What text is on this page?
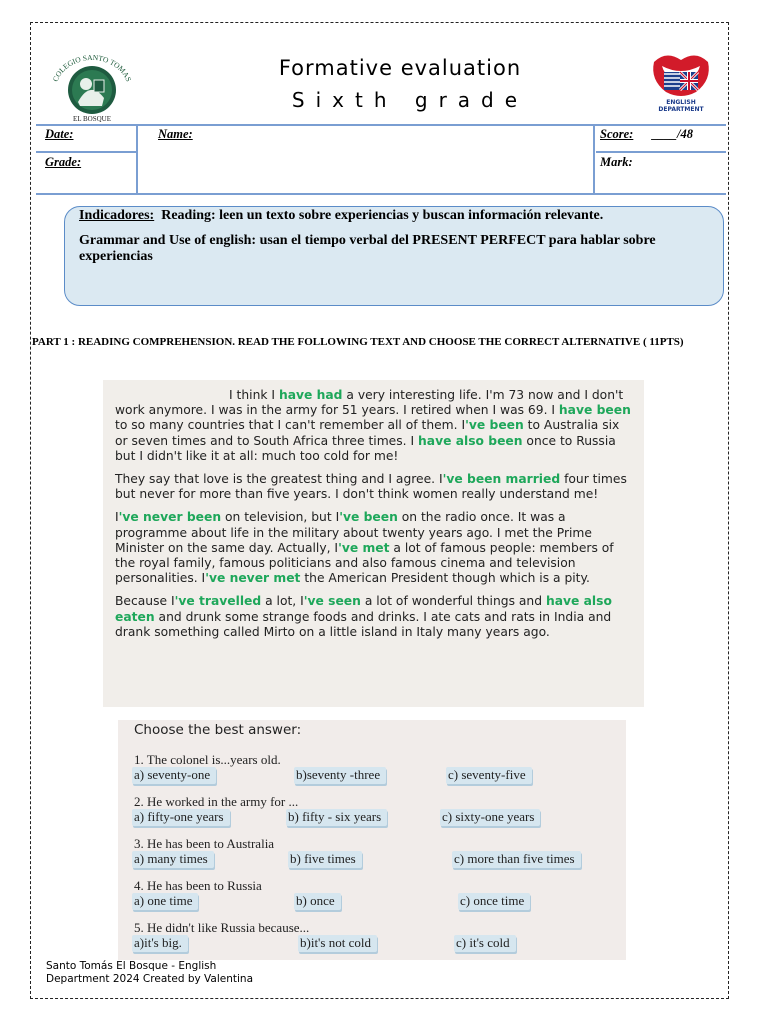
COLEGIO SANTO TOMAS
EL BOSQUE
ENGLISH DEPARTMENT
Formative evaluation
Sixth grade
Date:	Name:	Score: ____/48
Grade:	Mark:

Indicadores: Reading: leen un texto sobre experiencias y buscan información relevante.

Grammar and Use of english: usan el tiempo verbal del PRESENT PERFECT para hablar sobre experiencias

PART 1 : READING COMPREHENSION. READ THE FOLLOWING TEXT AND CHOOSE THE CORRECT ALTERNATIVE ( 11PTS)

I think I have had a very interesting life. I'm 73 now and I don't work anymore. I was in the army for 51 years. I retired when I was 69. I have been to so many countries that I can't remember all of them. I've been to Australia six or seven times and to South Africa three times. I have also been once to Russia but I didn't like it at all: much too cold for me!

They say that love is the greatest thing and I agree. I've been married four times but never for more than five years. I don't think women really understand me!

I've never been on television, but I've been on the radio once. It was a programme about life in the military about twenty years ago. I met the Prime Minister on the same day. Actually, I've met a lot of famous people: members of the royal family, famous politicians and also famous cinema and television personalities. I've never met the American President though which is a pity.

Because I've travelled a lot, I've seen a lot of wonderful things and have also eaten and drunk some strange foods and drinks. I ate cats and rats in India and drank something called Mirto on a little island in Italy many years ago.

Choose the best answer:
1. The colonel is...years old.
a) seventy-one	b)seventy -three	c) seventy-five
2. He worked in the army for ...
a) fifty-one years	b) fifty - six years	c) sixty-one years
3. He has been to Australia
a) many times	b) five times	c) more than five times
4. He has been to Russia
a) one time	b) once	c) once time
5. He didn't like Russia because...
a)it's big.	b)it's not cold	c) it's cold
Santo Tomás El Bosque - English
Department 2024 Created by Valentina
